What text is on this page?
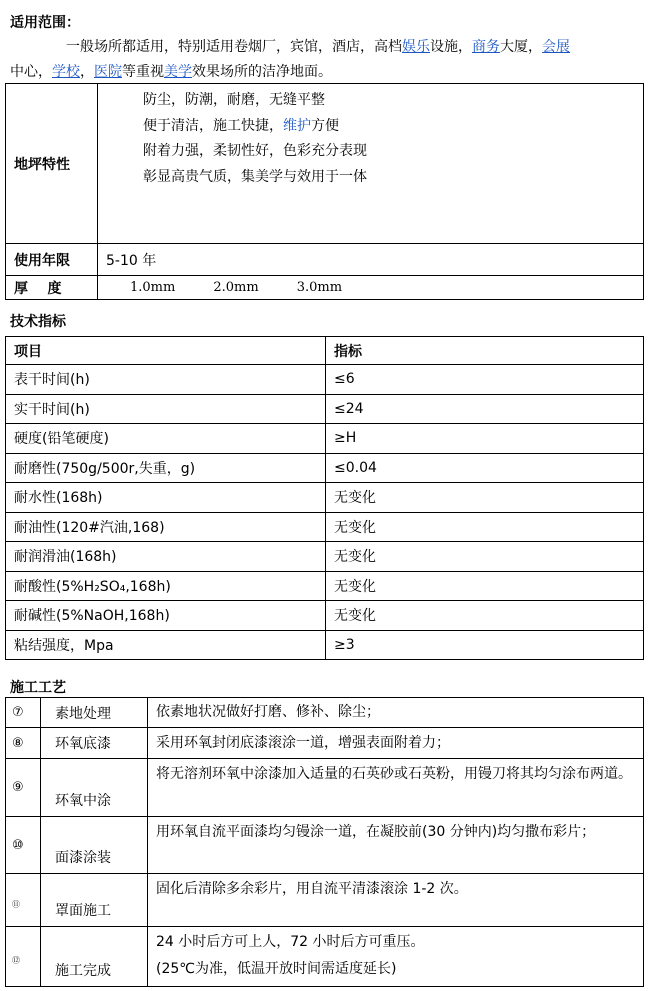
适用范围：
一般场所都适用，特别适用卷烟厂，宾馆，酒店，高档娱乐设施，商务大厦，会展
中心，学校，医院等重视美学效果场所的洁净地面。
地坪特性	防尘，防潮，耐磨，无缝平整
便于清洁，施工快捷，维护方便
附着力强，柔韧性好，色彩充分表现
彰显高贵气质，集美学与效用于一体

使用年限	5-10 年
厚    度	1.0mm 2.0mm 3.0mm
技术指标
项目	指标
表干时间(h)	≤6
实干时间(h)	≤24
硬度(铅笔硬度)	≥H
耐磨性(750g/500r,失重，g)	≤0.04
耐水性(168h)	无变化
耐油性(120#汽油,168)	无变化
耐润滑油(168h)	无变化
耐酸性(5%H₂SO₄,168h)	无变化
耐碱性(5%NaOH,168h)	无变化
粘结强度，Mpa	≥3
施工工艺
⑦	素地处理	依素地状况做好打磨、修补、除尘；

⑧	环氧底漆	采用环氧封闭底漆滚涂一道，增强表面附着力；

⑨	环氧中涂	将无溶剂环氧中涂漆加入适量的石英砂或石英粉，用镘刀将其均匀涂布两道。

⑩	面漆涂装	用环氧自流平面漆均匀镘涂一道，在凝胶前(30 分钟内)均匀撒布彩片；

⑪	罩面施工	固化后清除多余彩片，用自流平清漆滚涂 1-2 次。

⑫	施工完成	24 小时后方可上人，72 小时后方可重压。
(25℃为准，低温开放时间需适度延长)
